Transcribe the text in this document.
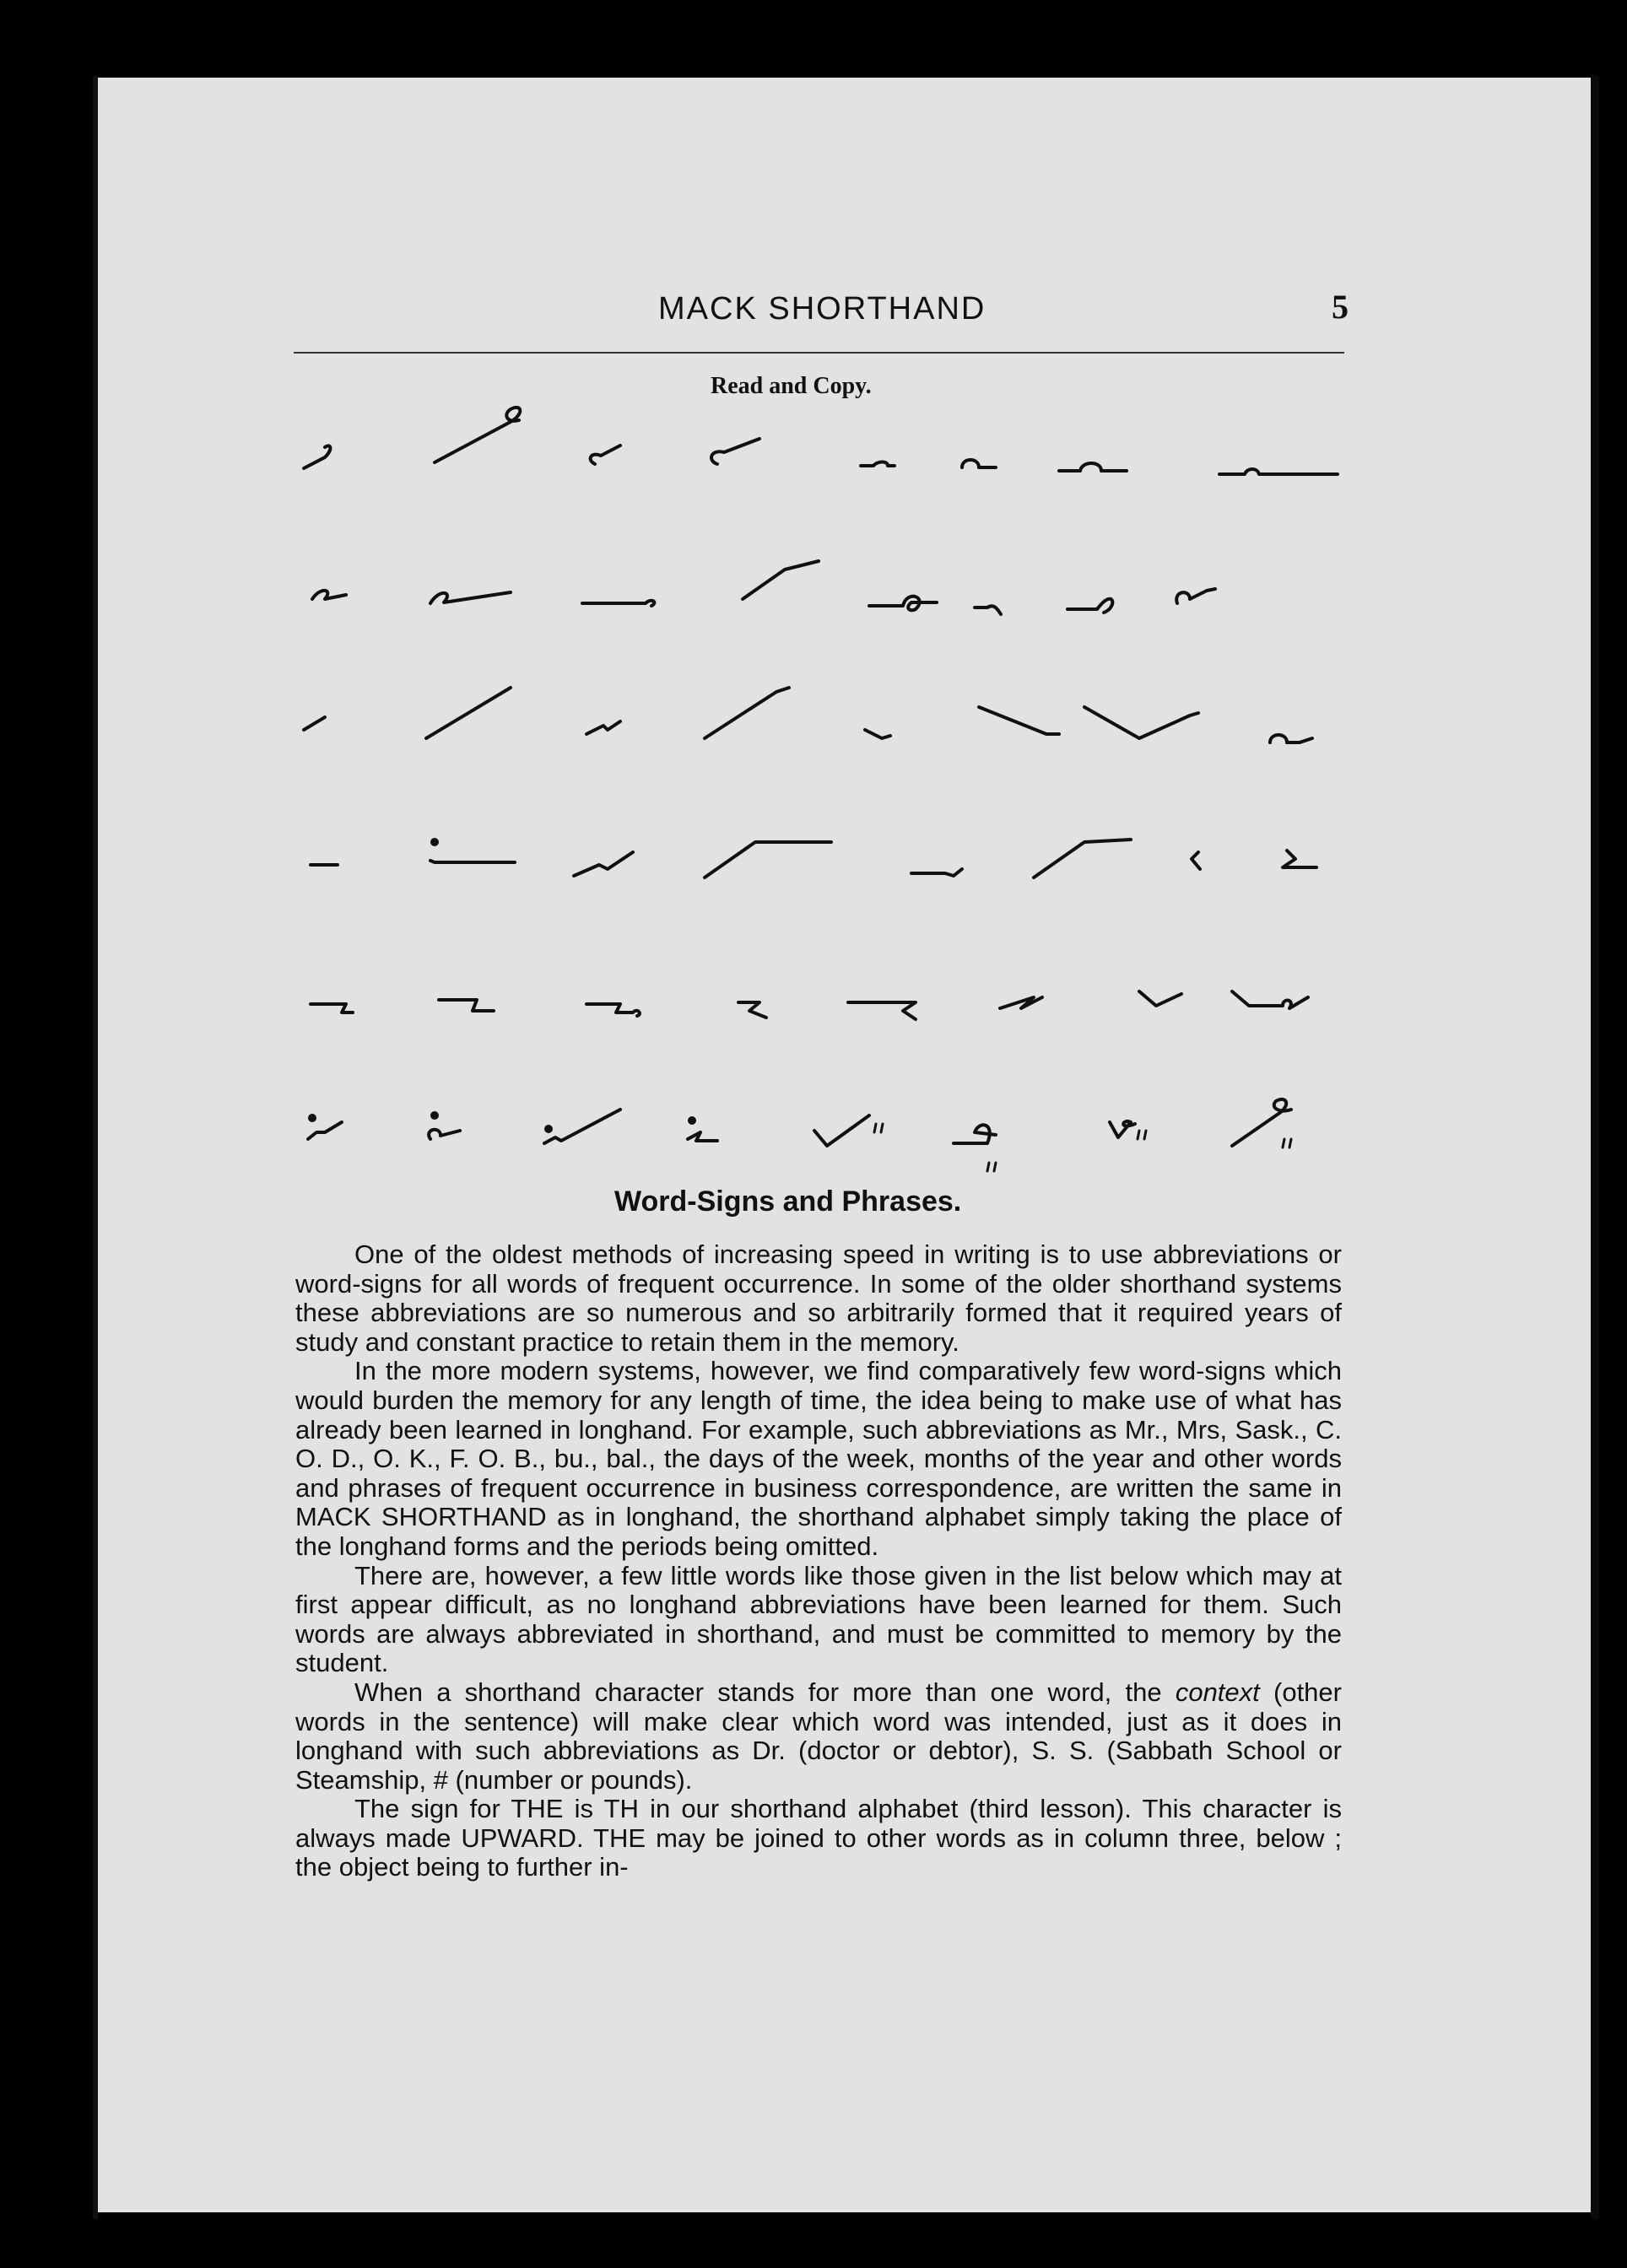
MACK SHORTHAND	5
Read and Copy.
Word-Signs and Phrases.

One of the oldest methods of increasing speed in writing is to use abbreviations or word-signs for all words of frequent occurrence. In some of the older shorthand systems these abbreviations are so numerous and so arbitrarily formed that it required years of study and constant practice to retain them in the memory.

In the more modern systems, however, we find comparatively few word-signs which would burden the memory for any length of time, the idea being to make use of what has already been learned in longhand. For example, such abbreviations as Mr., Mrs, Sask., C. O. D., O. K., F. O. B., bu., bal., the days of the week, months of the year and other words and phrases of frequent occurrence in business correspondence, are written the same in MACK SHORTHAND as in longhand, the shorthand alphabet simply taking the place of the longhand forms and the periods being omitted.

There are, however, a few little words like those given in the list below which may at first appear difficult, as no longhand abbreviations have been learned for them. Such words are always abbreviated in shorthand, and must be committed to memory by the student.

When a shorthand character stands for more than one word, the context (other words in the sentence) will make clear which word was intended, just as it does in longhand with such abbreviations as Dr. (doctor or debtor), S. S. (Sabbath School or Steamship, # (number or pounds).

The sign for THE is TH in our shorthand alphabet (third lesson). This character is always made UPWARD. THE may be joined to other words as in column three, below ; the object being to further in-
